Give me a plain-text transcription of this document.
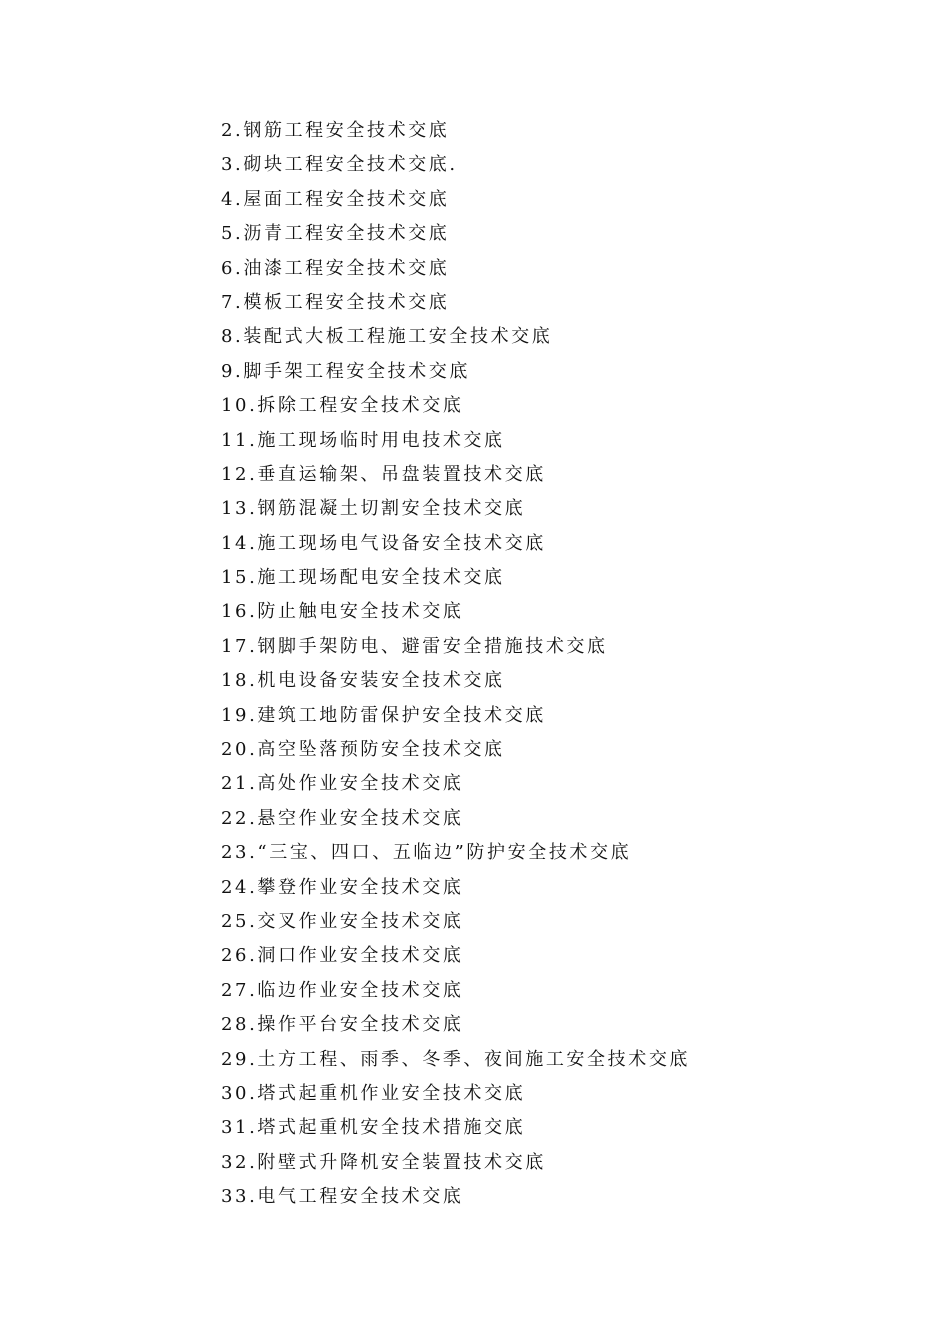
2.钢筋工程安全技术交底
3.砌块工程安全技术交底.
4.屋面工程安全技术交底
5.沥青工程安全技术交底
6.油漆工程安全技术交底
7.模板工程安全技术交底
8.装配式大板工程施工安全技术交底
9.脚手架工程安全技术交底
10.拆除工程安全技术交底
11.施工现场临时用电技术交底
12.垂直运输架、吊盘装置技术交底
13.钢筋混凝土切割安全技术交底
14.施工现场电气设备安全技术交底
15.施工现场配电安全技术交底
16.防止触电安全技术交底
17.钢脚手架防电、避雷安全措施技术交底
18.机电设备安装安全技术交底
19.建筑工地防雷保护安全技术交底
20.高空坠落预防安全技术交底
21.高处作业安全技术交底
22.悬空作业安全技术交底
23.“三宝、四口、五临边”防护安全技术交底
24.攀登作业安全技术交底
25.交叉作业安全技术交底
26.洞口作业安全技术交底
27.临边作业安全技术交底
28.操作平台安全技术交底
29.土方工程、雨季、冬季、夜间施工安全技术交底
30.塔式起重机作业安全技术交底
31.塔式起重机安全技术措施交底
32.附壁式升降机安全装置技术交底
33.电气工程安全技术交底
